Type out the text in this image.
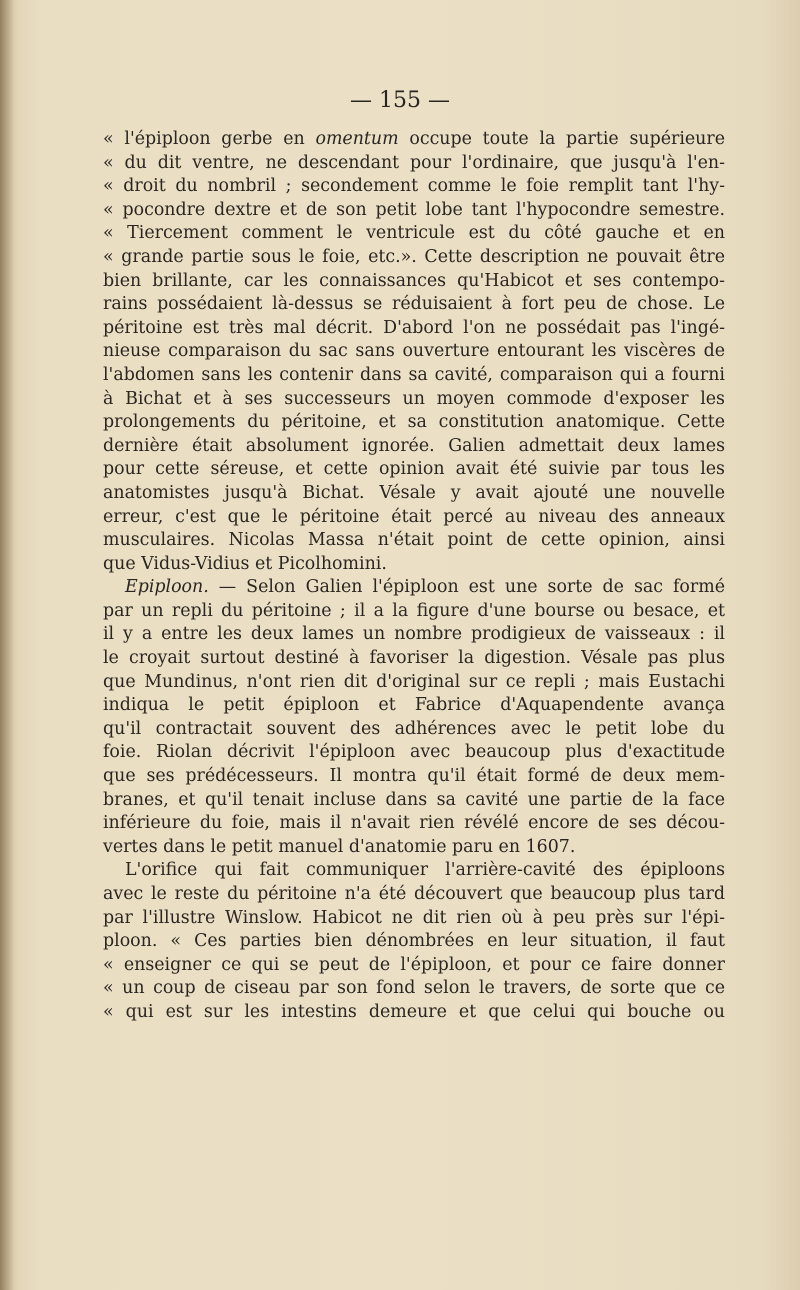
— 155 —
« l'épiploon gerbe en omentum occupe toute la partie supérieure
« du dit ventre, ne descendant pour l'ordinaire, que jusqu'à l'en-
« droit du nombril ; secondement comme le foie remplit tant l'hy-
« pocondre dextre et de son petit lobe tant l'hypocondre semestre.
« Tiercement comment le ventricule est du côté gauche et en
« grande partie sous le foie, etc.». Cette description ne pouvait être
bien brillante, car les connaissances qu'Habicot et ses contempo-
rains possédaient là-dessus se réduisaient à fort peu de chose. Le
péritoine est très mal décrit. D'abord l'on ne possédait pas l'ingé-
nieuse comparaison du sac sans ouverture entourant les viscères de
l'abdomen sans les contenir dans sa cavité, comparaison qui a fourni
à Bichat et à ses successeurs un moyen commode d'exposer les
prolongements du péritoine, et sa constitution anatomique. Cette
dernière était absolument ignorée. Galien admettait deux lames
pour cette séreuse, et cette opinion avait été suivie par tous les
anatomistes jusqu'à Bichat. Vésale y avait ajouté une nouvelle
erreur, c'est que le péritoine était percé au niveau des anneaux
musculaires. Nicolas Massa n'était point de cette opinion, ainsi
que Vidus-Vidius et Picolhomini.
Epiploon. — Selon Galien l'épiploon est une sorte de sac formé
par un repli du péritoine ; il a la figure d'une bourse ou besace, et
il y a entre les deux lames un nombre prodigieux de vaisseaux : il
le croyait surtout destiné à favoriser la digestion. Vésale pas plus
que Mundinus, n'ont rien dit d'original sur ce repli ; mais Eustachi
indiqua le petit épiploon et Fabrice d'Aquapendente avança
qu'il contractait souvent des adhérences avec le petit lobe du
foie. Riolan décrivit l'épiploon avec beaucoup plus d'exactitude
que ses prédécesseurs. Il montra qu'il était formé de deux mem-
branes, et qu'il tenait incluse dans sa cavité une partie de la face
inférieure du foie, mais il n'avait rien révélé encore de ses décou-
vertes dans le petit manuel d'anatomie paru en 1607.
L'orifice qui fait communiquer l'arrière-cavité des épiploons
avec le reste du péritoine n'a été découvert que beaucoup plus tard
par l'illustre Winslow. Habicot ne dit rien où à peu près sur l'épi-
ploon. « Ces parties bien dénombrées en leur situation, il faut
« enseigner ce qui se peut de l'épiploon, et pour ce faire donner
« un coup de ciseau par son fond selon le travers, de sorte que ce
« qui est sur les intestins demeure et que celui qui bouche ou
